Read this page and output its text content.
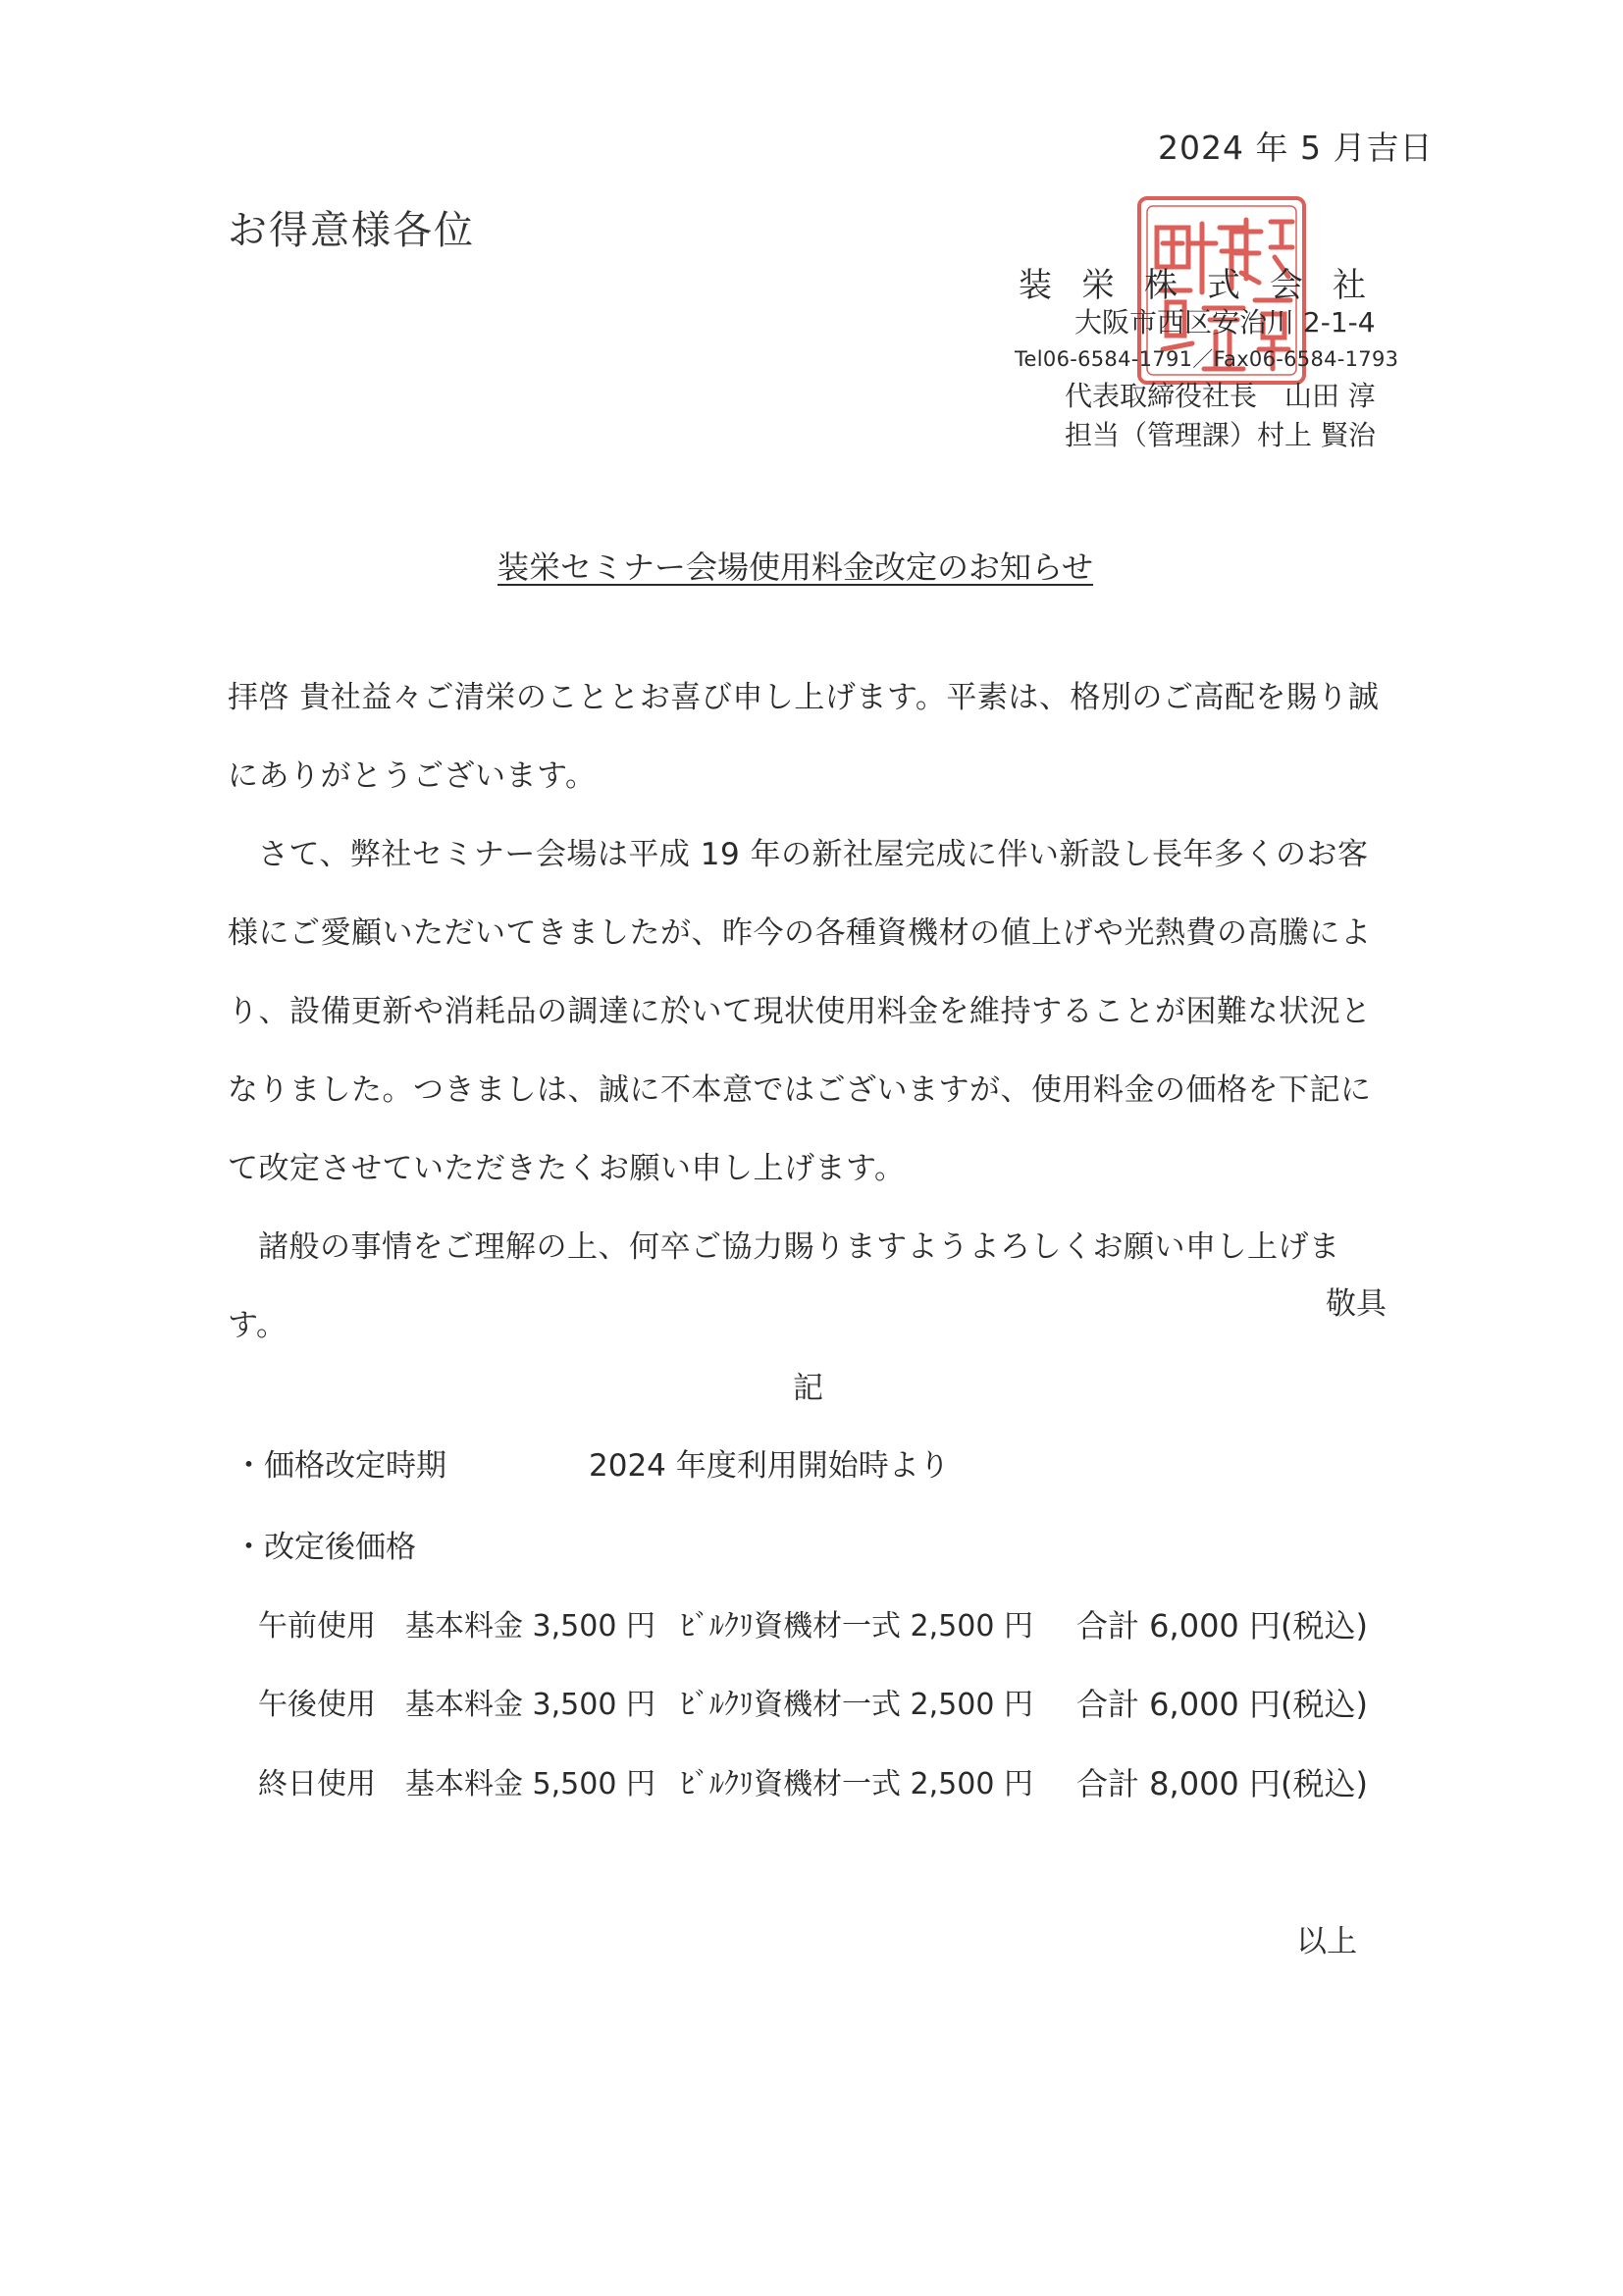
2024 年 5 月吉日
お得意様各位
装栄株式会社
大阪市西区安治川 2-1-4
Tel06-6584-1791／Fax06-6584-1793
代表取締役社長　山田 淳
担当（管理課）村上 賢治
装栄セミナー会場使用料金改定のお知らせ

拝啓 貴社益々ご清栄のこととお喜び申し上げます。平素は、格別のご高配を賜り誠にありがとうございます。

さて、弊社セミナー会場は平成 19 年の新社屋完成に伴い新設し長年多くのお客様にご愛顧いただいてきましたが、昨今の各種資機材の値上げや光熱費の高騰により、設備更新や消耗品の調達に於いて現状使用料金を維持することが困難な状況となりました。つきましは、誠に不本意ではございますが、使用料金の価格を下記にて改定させていただきたくお願い申し上げます。

諸般の事情をご理解の上、何卒ご協力賜りますようよろしくお願い申し上げます。

敬具
記
・価格改定時期	2024 年度利用開始時より
・改定後価格
午前使用 基本料金 3,500 円 ﾋﾞﾙｸﾘ資機材一式 2,500 円 合計 6,000 円(税込)
午後使用 基本料金 3,500 円 ﾋﾞﾙｸﾘ資機材一式 2,500 円 合計 6,000 円(税込)
終日使用 基本料金 5,500 円 ﾋﾞﾙｸﾘ資機材一式 2,500 円 合計 8,000 円(税込)
以上
